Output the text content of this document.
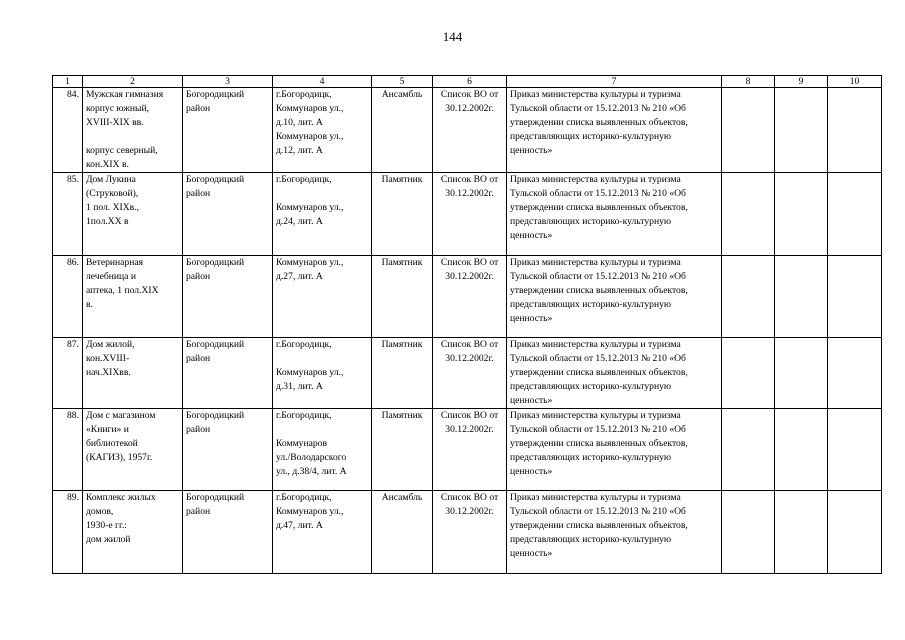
144
1	2	3	4	5	6	7	8	9	10
84.	Мужская гимназия
корпус южный,
XVIII-XIX вв.
корпус северный,
кон.XIX в.	Богородицкий
район	г.Богородицк,
Коммунаров ул.,
д.10, лит. А
Коммунаров ул.,
д.12, лит. А	Ансамбль	Список ВО от
30.12.2002г.	Приказ министерства культуры и туризма
Тульской области от 15.12.2013 № 210 «Об
утверждении списка выявленных объектов,
представляющих историко-культурную
ценность»			

85.	Дом Лукина
(Струковой),
1 пол. XIXв.,
1пол.XX в	Богородицкий
район	г.Богородицк,
Коммунаров ул.,
д.24, лит. А	Памятник	Список ВО от
30.12.2002г.	Приказ министерства культуры и туризма
Тульской области от 15.12.2013 № 210 «Об
утверждении списка выявленных объектов,
представляющих историко-культурную
ценность»			

86.	Ветеринарная
лечебница и
аптека, 1 пол.XIX
в.	Богородицкий
район	Коммунаров ул.,
д.27, лит. А	Памятник	Список ВО от
30.12.2002г.	Приказ министерства культуры и туризма
Тульской области от 15.12.2013 № 210 «Об
утверждении списка выявленных объектов,
представляющих историко-культурную
ценность»			

87.	Дом жилой,
кон.XVIII-
нач.XIXвв.	Богородицкий
район	г.Богородицк,
Коммунаров ул.,
д.31, лит. А	Памятник	Список ВО от
30.12.2002г.	Приказ министерства культуры и туризма
Тульской области от 15.12.2013 № 210 «Об
утверждении списка выявленных объектов,
представляющих историко-культурную
ценность»			

88.	Дом с магазином
«Книги» и
библиотекой
(КАГИЗ), 1957г.	Богородицкий
район	г.Богородицк,
Коммунаров
ул./Володарского
ул., д.38/4, лит. А	Памятник	Список ВО от
30.12.2002г.	Приказ министерства культуры и туризма
Тульской области от 15.12.2013 № 210 «Об
утверждении списка выявленных объектов,
представляющих историко-культурную
ценность»			

89.	Комплекс жилых
домов,
1930-е гг.:
дом жилой	Богородицкий
район	г.Богородицк,
Коммунаров ул.,
д.47, лит. А	Ансамбль	Список ВО от
30.12.2002г.	Приказ министерства культуры и туризма
Тульской области от 15.12.2013 № 210 «Об
утверждении списка выявленных объектов,
представляющих историко-культурную
ценность»			
